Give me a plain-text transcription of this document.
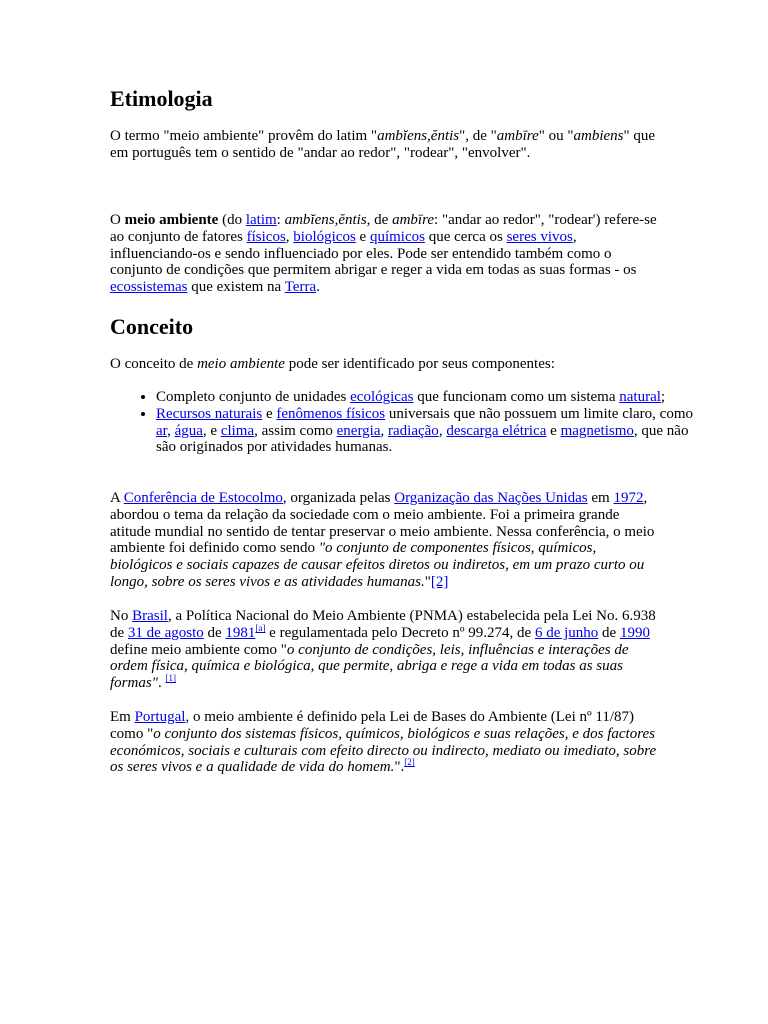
Etimologia

O termo "meio ambiente" provêm do latim "ambĭens,ĕntis", de "ambīre" ou "ambiens" que em português tem o sentido de "andar ao redor", "rodear", "envolver".

O meio ambiente (do latim: ambĭens,ĕntis, de ambīre: "andar ao redor", "rodear') refere-se ao conjunto de fatores físicos, biológicos e químicos que cerca os seres vivos, influenciando-os e sendo influenciado por eles. Pode ser entendido também como o conjunto de condições que permitem abrigar e reger a vida em todas as suas formas - os ecossistemas que existem na Terra.

Conceito

O conceito de meio ambiente pode ser identificado por seus componentes:

• Completo conjunto de unidades ecológicas que funcionam como um sistema natural;
• Recursos naturais e fenômenos físicos universais que não possuem um limite claro, como ar, água, e clima, assim como energia, radiação, descarga elétrica e magnetismo, que não são originados por atividades humanas.

A Conferência de Estocolmo, organizada pelas Organização das Nações Unidas em 1972, abordou o tema da relação da sociedade com o meio ambiente. Foi a primeira grande atitude mundial no sentido de tentar preservar o meio ambiente. Nessa conferência, o meio ambiente foi definido como sendo "o conjunto de componentes físicos, químicos, biológicos e sociais capazes de causar efeitos diretos ou indiretos, em um prazo curto ou longo, sobre os seres vivos e as atividades humanas."[2]

No Brasil, a Política Nacional do Meio Ambiente (PNMA) estabelecida pela Lei No. 6.938 de 31 de agosto de 1981[a] e regulamentada pelo Decreto nº 99.274, de 6 de junho de 1990 define meio ambiente como "o conjunto de condições, leis, influências e interações de ordem física, química e biológica, que permite, abriga e rege a vida em todas as suas formas". [1]

Em Portugal, o meio ambiente é definido pela Lei de Bases do Ambiente (Lei nº 11/87) como "o conjunto dos sistemas físicos, químicos, biológicos e suas relações, e dos factores económicos, sociais e culturais com efeito directo ou indirecto, mediato ou imediato, sobre os seres vivos e a qualidade de vida do homem.".[2]
